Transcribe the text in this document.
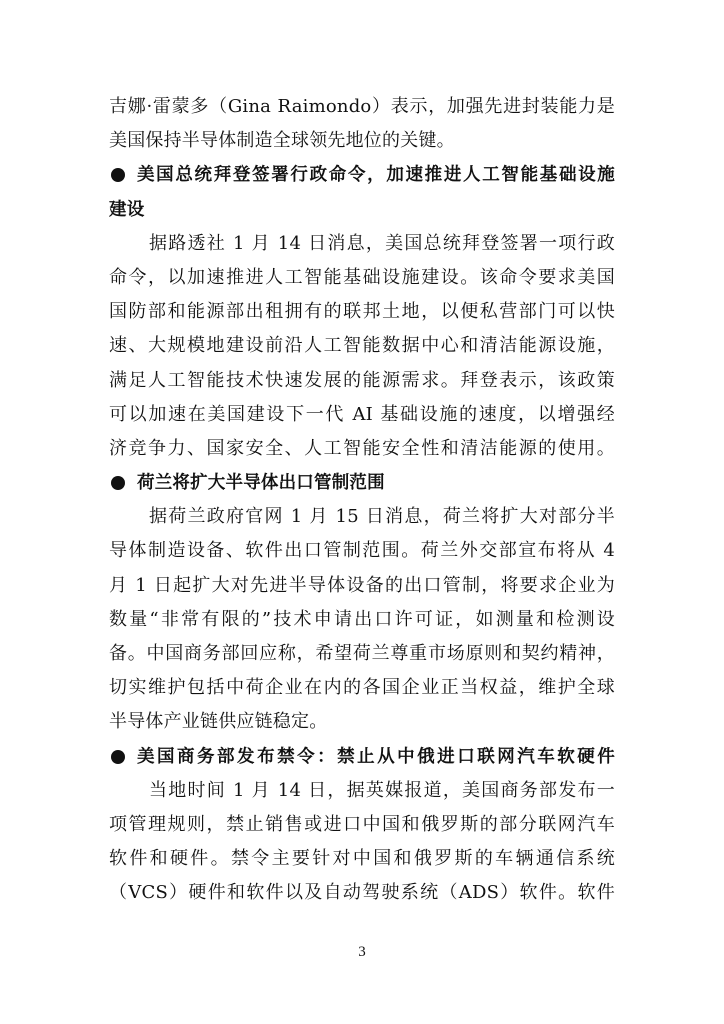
吉娜·雷蒙多（Gina Raimondo）表示，加强先进封装能力是
美国保持半导体制造全球领先地位的关键。
美国总统拜登签署行政命令，加速推进人工智能基础设施
建设
据路透社 1 月 14 日消息，美国总统拜登签署一项行政
命令，以加速推进人工智能基础设施建设。该命令要求美国
国防部和能源部出租拥有的联邦土地，以便私营部门可以快
速、大规模地建设前沿人工智能数据中心和清洁能源设施，
满足人工智能技术快速发展的能源需求。拜登表示，该政策
可以加速在美国建设下一代 AI 基础设施的速度，以增强经
济竞争力、国家安全、人工智能安全性和清洁能源的使用。
荷兰将扩大半导体出口管制范围
据荷兰政府官网 1 月 15 日消息，荷兰将扩大对部分半
导体制造设备、软件出口管制范围。荷兰外交部宣布将从 4
月 1 日起扩大对先进半导体设备的出口管制，将要求企业为
数量“非常有限的”技术申请出口许可证，如测量和检测设
备。中国商务部回应称，希望荷兰尊重市场原则和契约精神，
切实维护包括中荷企业在内的各国企业正当权益，维护全球
半导体产业链供应链稳定。
美国商务部发布禁令：禁止从中俄进口联网汽车软硬件
当地时间 1 月 14 日，据英媒报道，美国商务部发布一
项管理规则，禁止销售或进口中国和俄罗斯的部分联网汽车
软件和硬件。禁令主要针对中国和俄罗斯的车辆通信系统
（VCS）硬件和软件以及自动驾驶系统（ADS）软件。软件
3
